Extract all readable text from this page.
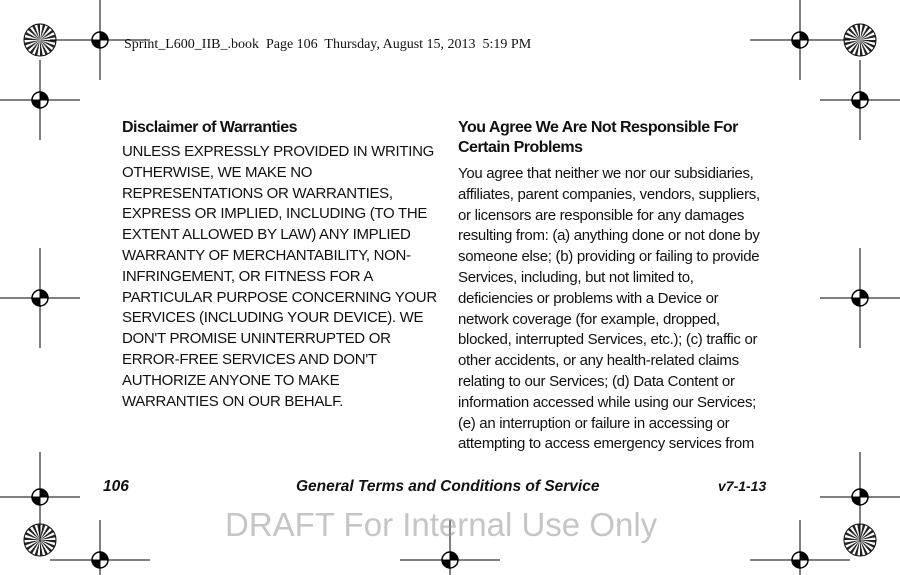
Sprint_L600_IIB_.book  Page 106  Thursday, August 15, 2013  5:19 PM
Disclaimer of Warranties
UNLESS EXPRESSLY PROVIDED IN WRITING
OTHERWISE, WE MAKE NO
REPRESENTATIONS OR WARRANTIES,
EXPRESS OR IMPLIED, INCLUDING (TO THE
EXTENT ALLOWED BY LAW) ANY IMPLIED
WARRANTY OF MERCHANTABILITY, NON-
INFRINGEMENT, OR FITNESS FOR A
PARTICULAR PURPOSE CONCERNING YOUR
SERVICES (INCLUDING YOUR DEVICE). WE
DON'T PROMISE UNINTERRUPTED OR
ERROR-FREE SERVICES AND DON'T
AUTHORIZE ANYONE TO MAKE
WARRANTIES ON OUR BEHALF.
You Agree We Are Not Responsible For
Certain Problems
You agree that neither we nor our subsidiaries,
affiliates, parent companies, vendors, suppliers,
or licensors are responsible for any damages
resulting from: (a) anything done or not done by
someone else; (b) providing or failing to provide
Services, including, but not limited to,
deficiencies or problems with a Device or
network coverage (for example, dropped,
blocked, interrupted Services, etc.); (c) traffic or
other accidents, or any health-related claims
relating to our Services; (d) Data Content or
information accessed while using our Services;
(e) an interruption or failure in accessing or
attempting to access emergency services from
DRAFT For Internal Use Only
106	General Terms and Conditions of Service	v7-1-13
